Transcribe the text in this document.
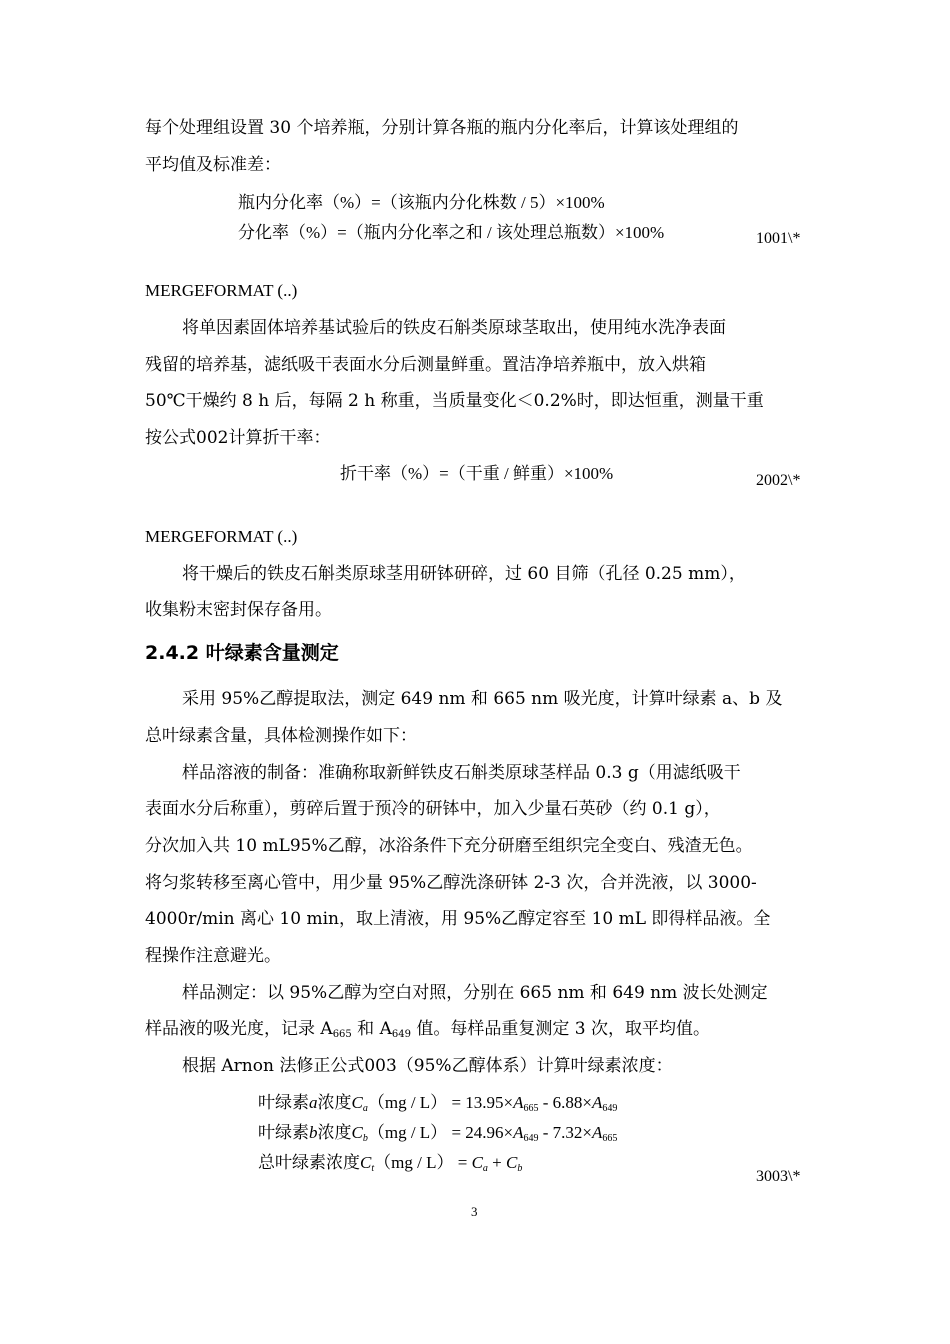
每个处理组设置 30 个培养瓶，分别计算各瓶的瓶内分化率后，计算该处理组的
平均值及标准差：
瓶内分化率（%）=（该瓶内分化株数 / 5）×100%
分化率（%）=（瓶内分化率之和 / 该处理总瓶数）×100%	1001\*
MERGEFORMAT (..)
将单因素固体培养基试验后的铁皮石斛类原球茎取出，使用纯水洗净表面
残留的培养基，滤纸吸干表面水分后测量鲜重。置洁净培养瓶中，放入烘箱
50℃干燥约 8 h 后，每隔 2 h 称重，当质量变化＜0.2%时，即达恒重，测量干重
按公式002计算折干率：
折干率（%）=（干重 / 鲜重）×100%	2002\*
MERGEFORMAT (..)
将干燥后的铁皮石斛类原球茎用研钵研碎，过 60 目筛（孔径 0.25 mm），
收集粉末密封保存备用。
2.4.2 叶绿素含量测定
采用 95%乙醇提取法，测定 649 nm 和 665 nm 吸光度，计算叶绿素 a、b 及
总叶绿素含量，具体检测操作如下：
样品溶液的制备：准确称取新鲜铁皮石斛类原球茎样品 0.3 g（用滤纸吸干
表面水分后称重），剪碎后置于预冷的研钵中，加入少量石英砂（约 0.1 g），
分次加入共 10 mL95%乙醇，冰浴条件下充分研磨至组织完全变白、残渣无色。
将匀浆转移至离心管中，用少量 95%乙醇洗涤研钵 2-3 次，合并洗液，以 3000-
4000r/min 离心 10 min，取上清液，用 95%乙醇定容至 10 mL 即得样品液。全
程操作注意避光。
样品测定：以 95%乙醇为空白对照，分别在 665 nm 和 649 nm 波长处测定
样品液的吸光度，记录 $A_{665}$ 和 $A_{649}$ 值。每样品重复测定 3 次，取平均值。
根据 Arnon 法修正公式003（95%乙醇体系）计算叶绿素浓度：
叶绿素a浓度$C_a(mg / L) = 13.95\times A_{665} - 6.88\times A_{649}$
叶绿素b浓度$C_b(mg / L) = 24.96\times A_{649} - 7.32\times A_{665}$
总叶绿素浓度$C_t(mg / L) = C_a + C_b$	3003\*
3
